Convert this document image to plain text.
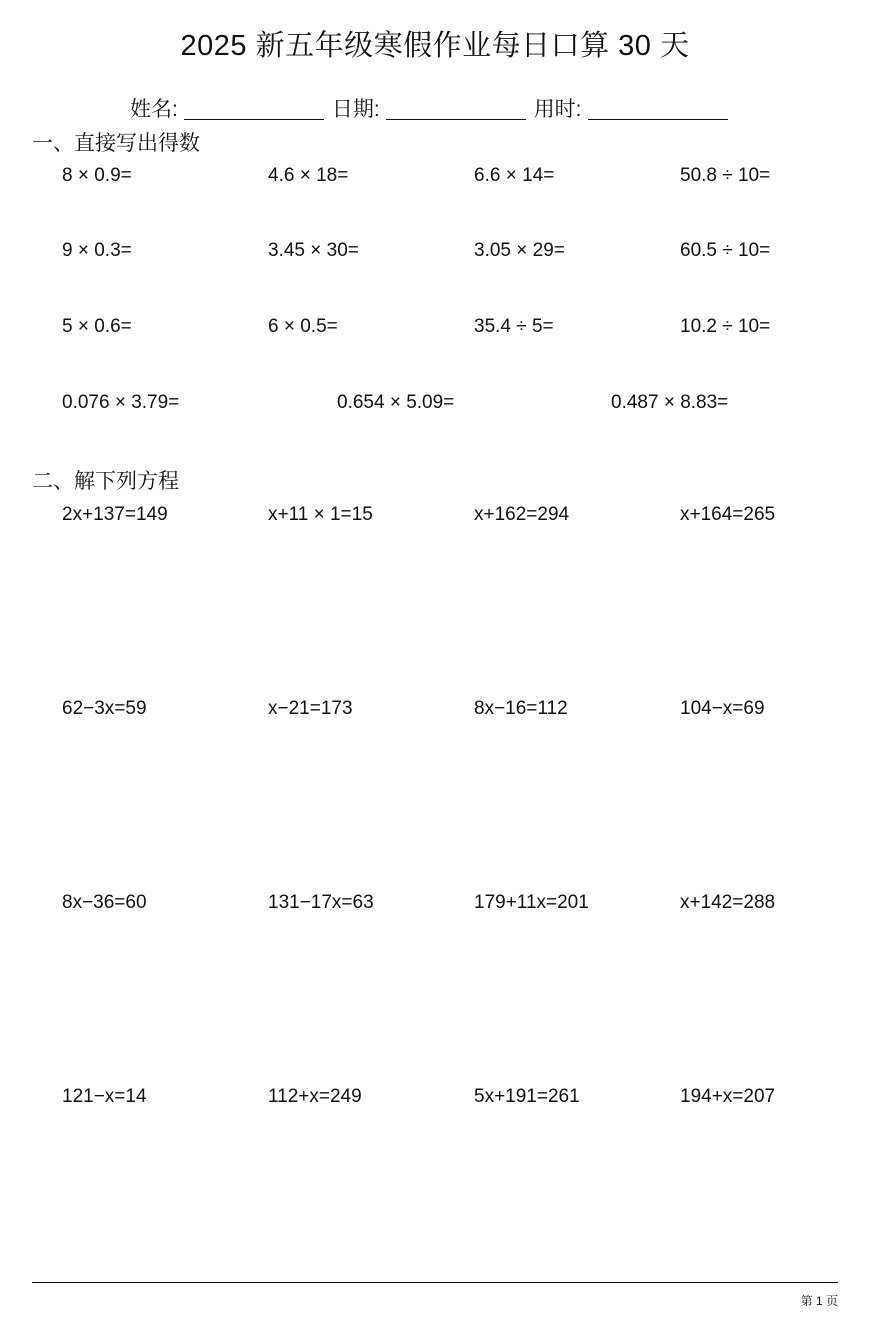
2025 新五年级寒假作业每日口算 30 天
姓名:	日期:	用时:
一、直接写出得数
8 × 0.9=	4.6 × 18=	6.6 × 14=	50.8 ÷ 10=
9 × 0.3=	3.45 × 30=	3.05 × 29=	60.5 ÷ 10=
5 × 0.6=	6 × 0.5=	35.4 ÷ 5=	10.2 ÷ 10=
0.076 × 3.79=	0.654 × 5.09=	0.487 × 8.83=
二、解下列方程
2x+137=149	x+11 × 1=15	x+162=294	x+164=265
62−3x=59	x−21=173	8x−16=112	104−x=69
8x−36=60	131−17x=63	179+11x=201	x+142=288
121−x=14	112+x=249	5x+191=261	194+x=207
第 1 页
